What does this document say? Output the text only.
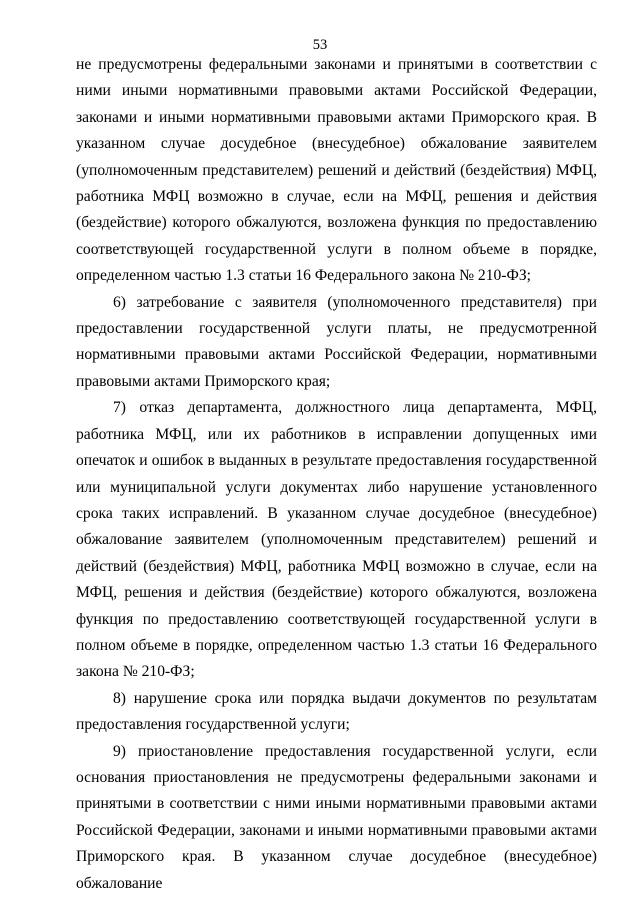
53

не предусмотрены федеральными законами и принятыми в соответствии с ними иными нормативными правовыми актами Российской Федерации, законами и иными нормативными правовыми актами Приморского края. В указанном случае досудебное (внесудебное) обжалование заявителем (уполномоченным представителем) решений и действий (бездействия) МФЦ, работника МФЦ возможно в случае, если на МФЦ, решения и действия (бездействие) которого обжалуются, возложена функция по предоставлению соответствующей государственной услуги в полном объеме в порядке, определенном частью 1.3 статьи 16 Федерального закона № 210-ФЗ;

6) затребование с заявителя (уполномоченного представителя) при предоставлении государственной услуги платы, не предусмотренной нормативными правовыми актами Российской Федерации, нормативными правовыми актами Приморского края;

7) отказ департамента, должностного лица департамента, МФЦ, работника МФЦ, или их работников в исправлении допущенных ими опечаток и ошибок в выданных в результате предоставления государственной или муниципальной услуги документах либо нарушение установленного срока таких исправлений. В указанном случае досудебное (внесудебное) обжалование заявителем (уполномоченным представителем) решений и действий (бездействия) МФЦ, работника МФЦ возможно в случае, если на МФЦ, решения и действия (бездействие) которого обжалуются, возложена функция по предоставлению соответствующей государственной услуги в полном объеме в порядке, определенном частью 1.3 статьи 16 Федерального закона № 210-ФЗ;

8) нарушение срока или порядка выдачи документов по результатам предоставления государственной услуги;

9) приостановление предоставления государственной услуги, если основания приостановления не предусмотрены федеральными законами и принятыми в соответствии с ними иными нормативными правовыми актами Российской Федерации, законами и иными нормативными правовыми актами Приморского края. В указанном случае досудебное (внесудебное) обжалование
